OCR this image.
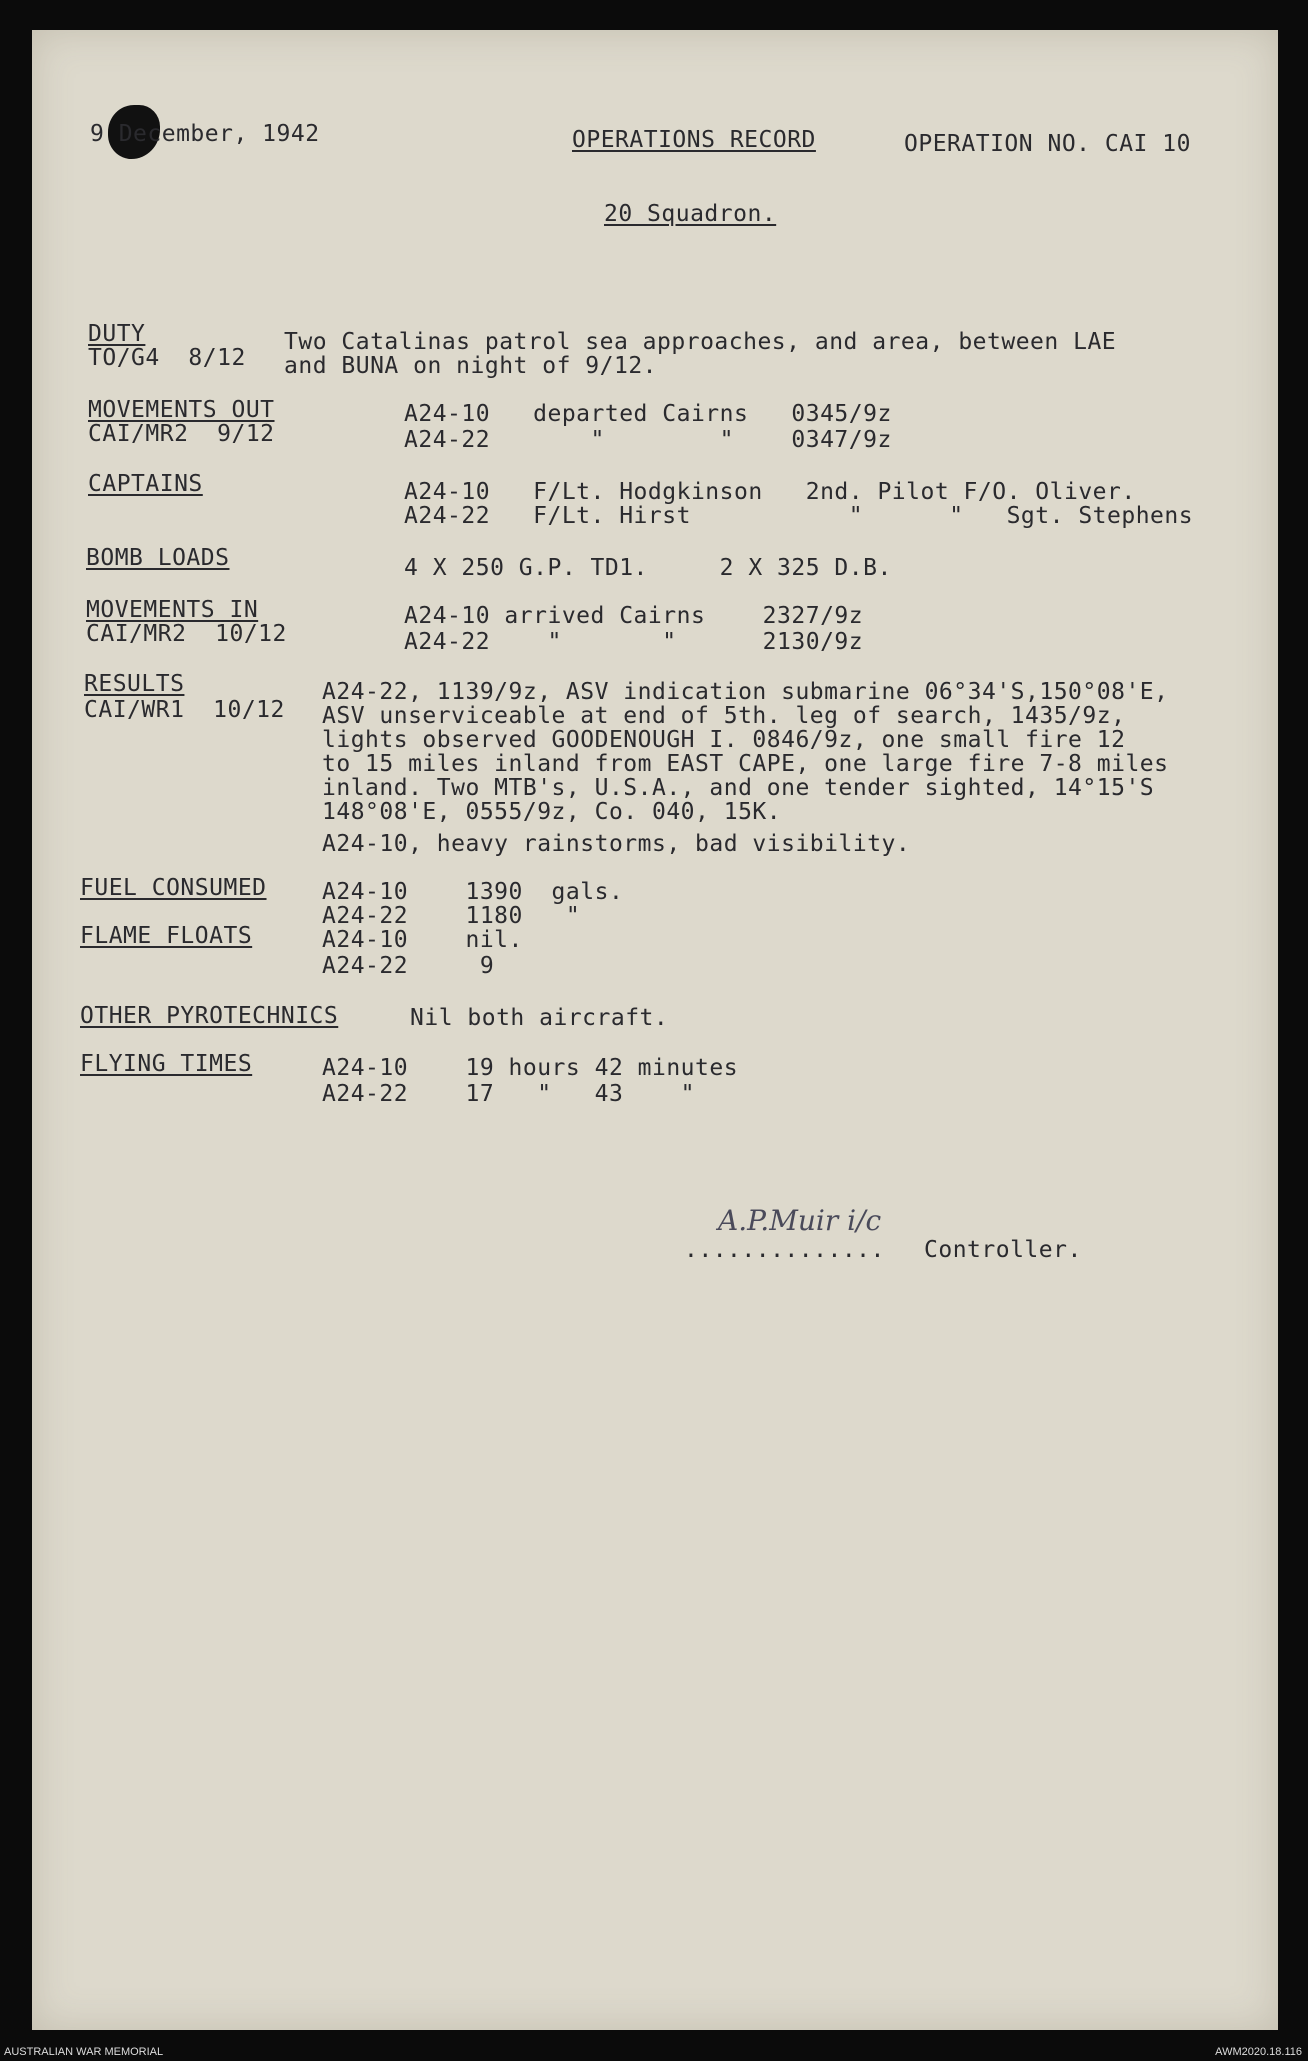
9 December, 1942	OPERATIONS RECORD	OPERATION NO. CAI 10
20 Squadron.
DUTY
TO/G4  8/12
Two Catalinas patrol sea approaches, and area, between LAE
and BUNA on night of 9/12.
MOVEMENTS OUT
CAI/MR2  9/12
A24-10   departed Cairns   0345/9z
A24-22       "        "    0347/9z
CAPTAINS	A24-10   F/Lt. Hodgkinson   2nd. Pilot F/O. Oliver.
A24-22   F/Lt. Hirst           "      "   Sgt. Stephens
BOMB LOADS	4 X 250 G.P. TD1.     2 X 325 D.B.
MOVEMENTS IN
CAI/MR2  10/12
A24-10 arrived Cairns    2327/9z
A24-22    "       "      2130/9z
RESULTS
CAI/WR1  10/12
A24-22, 1139/9z, ASV indication submarine 06°34'S,150°08'E,
ASV unserviceable at end of 5th. leg of search, 1435/9z,
lights observed GOODENOUGH I. 0846/9z, one small fire 12
to 15 miles inland from EAST CAPE, one large fire 7-8 miles
inland. Two MTB's, U.S.A., and one tender sighted, 14°15'S
148°08'E, 0555/9z, Co. 040, 15K.
A24-10, heavy rainstorms, bad visibility.
FUEL CONSUMED A24-10    1390  gals.
A24-22    1180   "
FLAME FLOATS	A24-10    nil.
A24-22     9
OTHER PYROTECHNICS	Nil both aircraft.
FLYING TIMES	A24-10    19 hours 42 minutes
A24-22    17   "   43    "
A.P.Muir i/c
.............. Controller.
AUSTRALIAN WAR MEMORIAL	AWM2020.18.116
